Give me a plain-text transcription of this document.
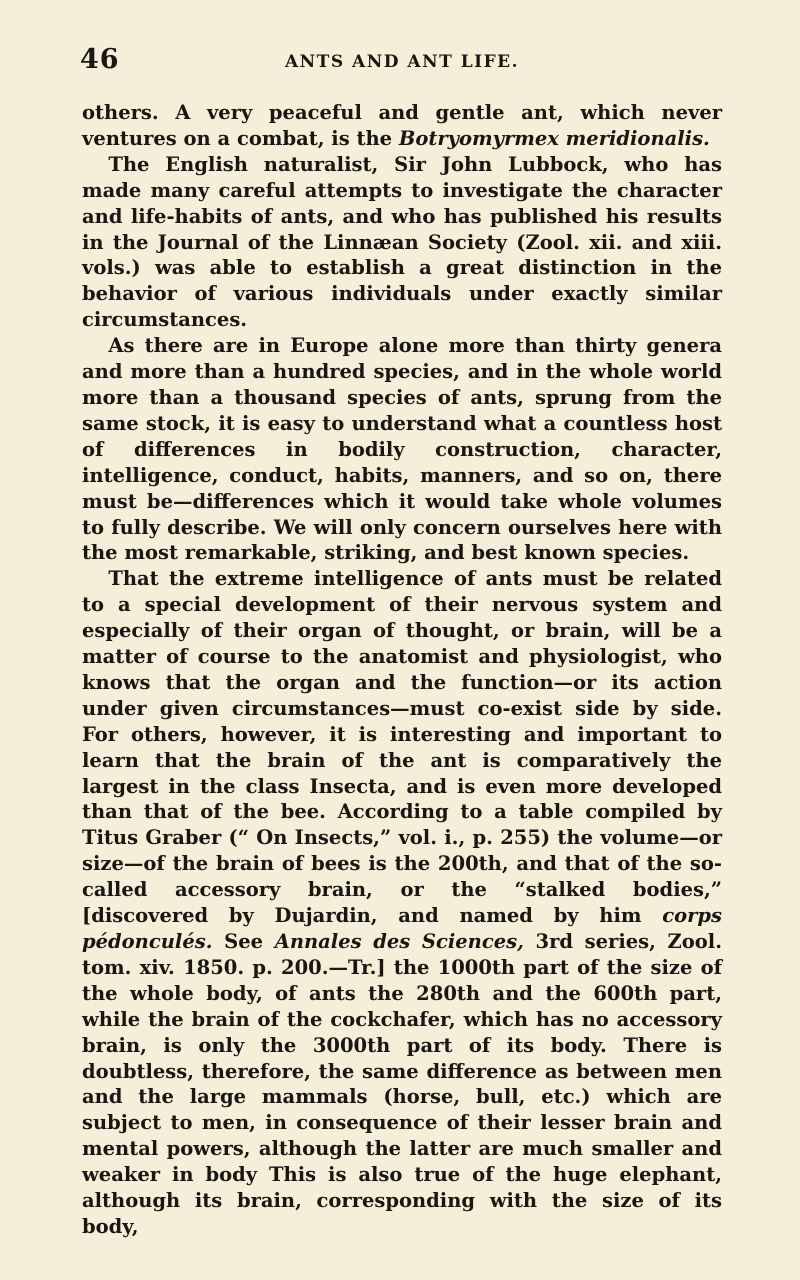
46	ANTS AND ANT LIFE.

others. A very peaceful and gentle ant, which never ventures on a combat, is the Botryomyrmex meridionalis.

The English naturalist, Sir John Lubbock, who has made many careful attempts to investigate the character and life-habits of ants, and who has published his results in the Journal of the Linnæan Society (Zool. xii. and xiii. vols.) was able to establish a great distinction in the behavior of various individuals under exactly similar circumstances.

As there are in Europe alone more than thirty genera and more than a hundred species, and in the whole world more than a thousand species of ants, sprung from the same stock, it is easy to understand what a countless host of differences in bodily construction, character, intelligence, conduct, habits, manners, and so on, there must be—differences which it would take whole volumes to fully describe. We will only concern ourselves here with the most remarkable, striking, and best known species.

That the extreme intelligence of ants must be related to a special development of their nervous system and especially of their organ of thought, or brain, will be a matter of course to the anatomist and physiologist, who knows that the organ and the function—or its action under given circumstances—must co-exist side by side. For others, however, it is interesting and important to learn that the brain of the ant is comparatively the largest in the class Insecta, and is even more developed than that of the bee. According to a table compiled by Titus Graber (“ On Insects,” vol. i., p. 255) the volume—or size—of the brain of bees is the 200th, and that of the so-called accessory brain, or the “stalked bodies,” [discovered by Dujardin, and named by him corps pédonculés. See Annales des Sciences, 3rd series, Zool. tom. xiv. 1850. p. 200.—Tr.] the 1000th part of the size of the whole body, of ants the 280th and the 600th part, while the brain of the cockchafer, which has no accessory brain, is only the 3000th part of its body. There is doubtless, therefore, the same difference as between men and the large mammals (horse, bull, etc.) which are subject to men, in consequence of their lesser brain and mental powers, although the latter are much smaller and weaker in body This is also true of the huge elephant, although its brain, corresponding with the size of its body,
